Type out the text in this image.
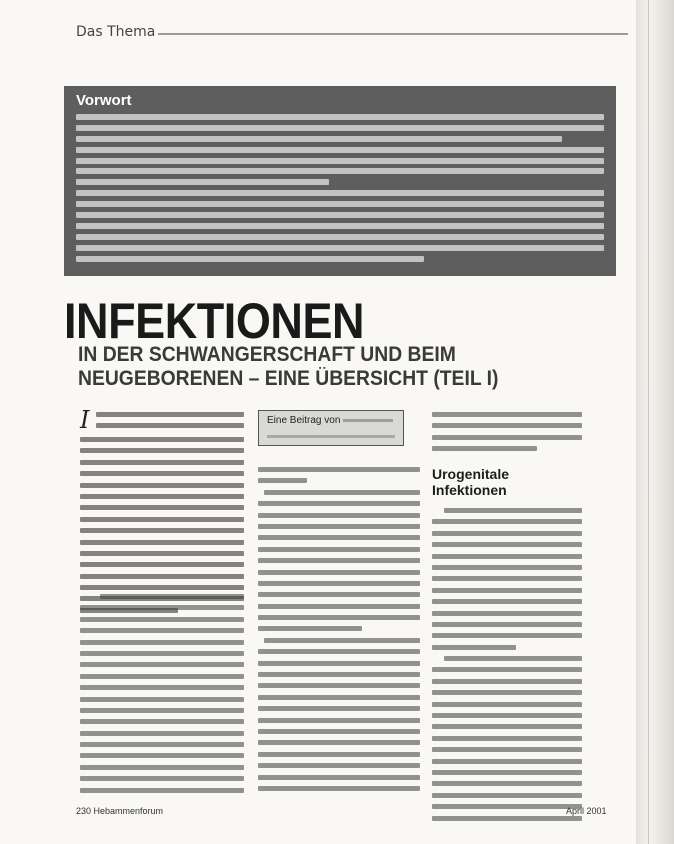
Das Thema
Vorwort
INFEKTIONEN
IN DER SCHWANGERSCHAFT UND BEIM
NEUGEBORENEN – EINE ÜBERSICHT (TEIL I)
I	Eine Beitrag von
Urogenitale
Infektionen
230 Hebammenforum	April 2001
